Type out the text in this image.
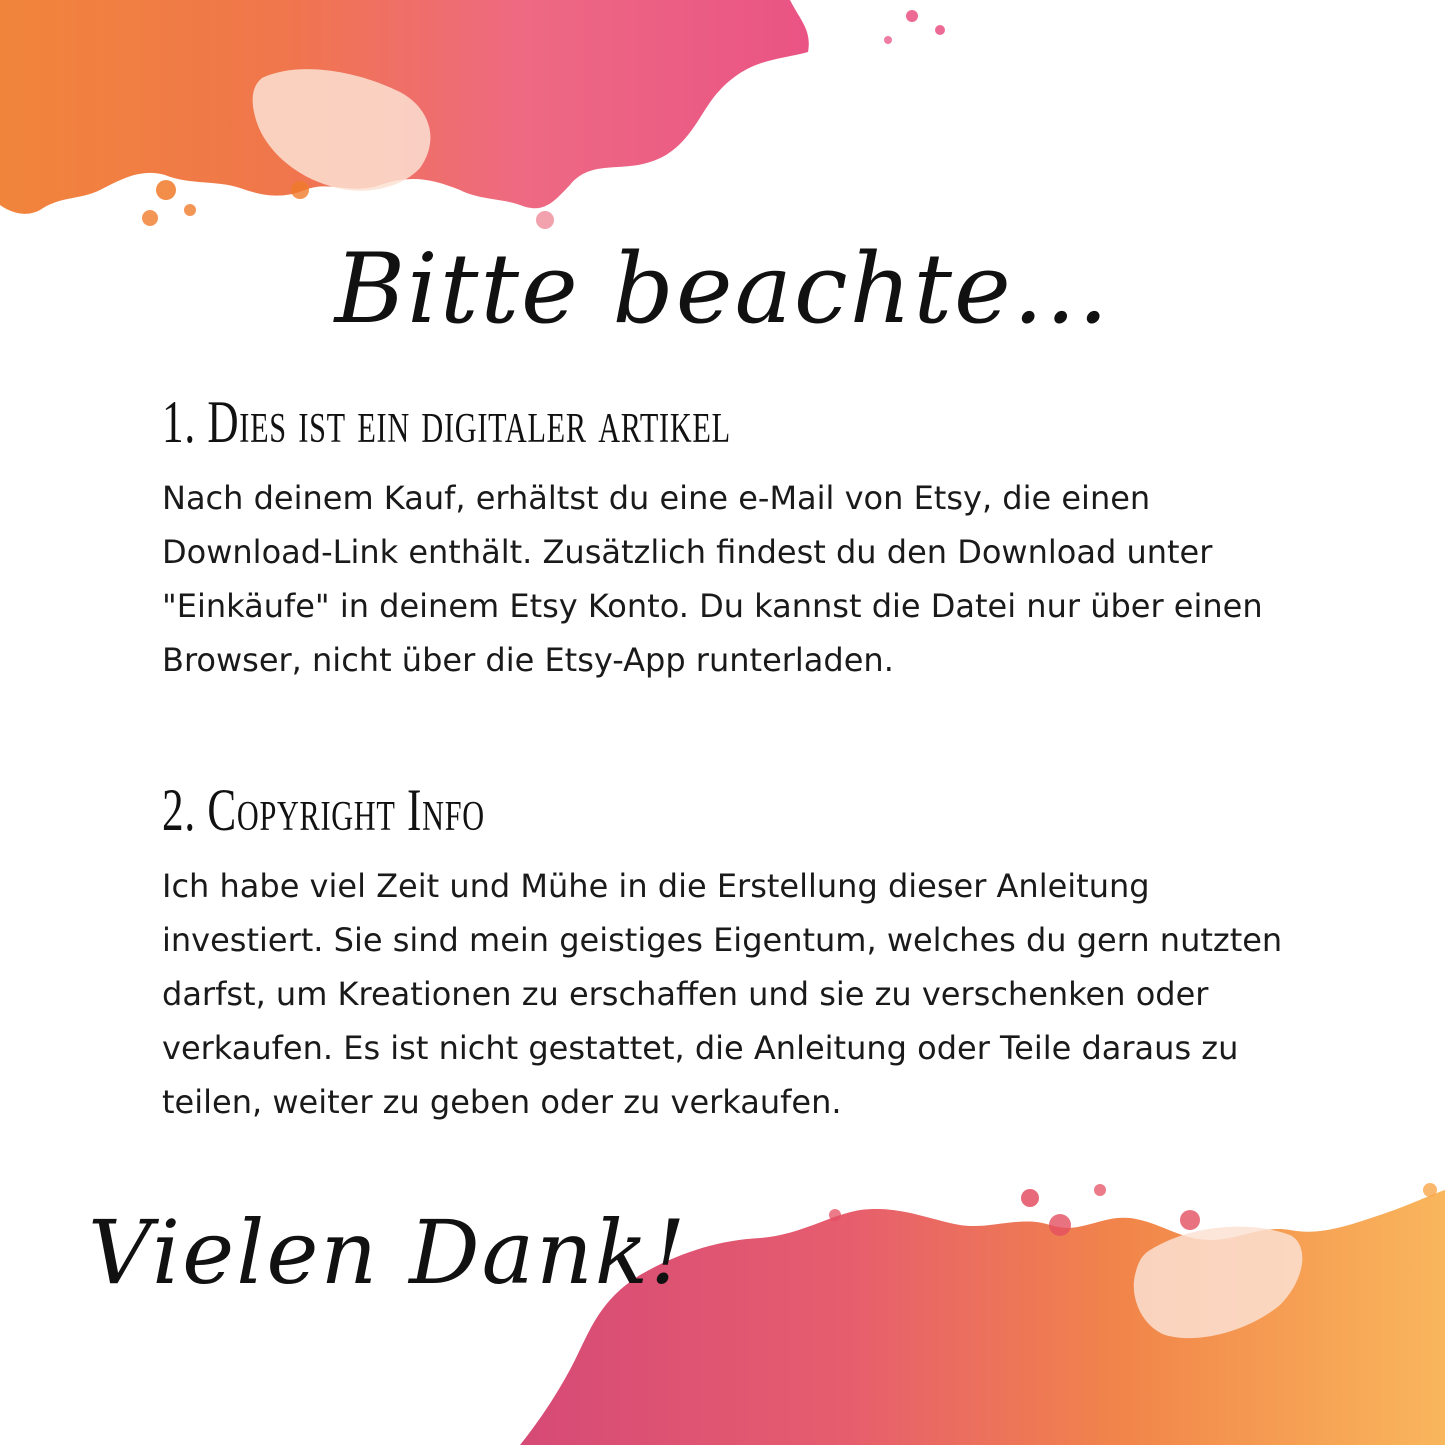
Bitte beachte...
1. Dies ist ein digitaler artikel

Nach deinem Kauf, erhältst du eine e-Mail von Etsy, die einen
Download-Link enthält. Zusätzlich findest du den Download unter
"Einkäufe" in deinem Etsy Konto. Du kannst die Datei nur über einen
Browser, nicht über die Etsy-App runterladen.

2. Copyright Info

Ich habe viel Zeit und Mühe in die Erstellung dieser Anleitung
investiert. Sie sind mein geistiges Eigentum, welches du gern nutzten
darfst, um Kreationen zu erschaffen und sie zu verschenken oder
verkaufen. Es ist nicht gestattet, die Anleitung oder Teile daraus zu
teilen, weiter zu geben oder zu verkaufen.

Vielen Dank!
